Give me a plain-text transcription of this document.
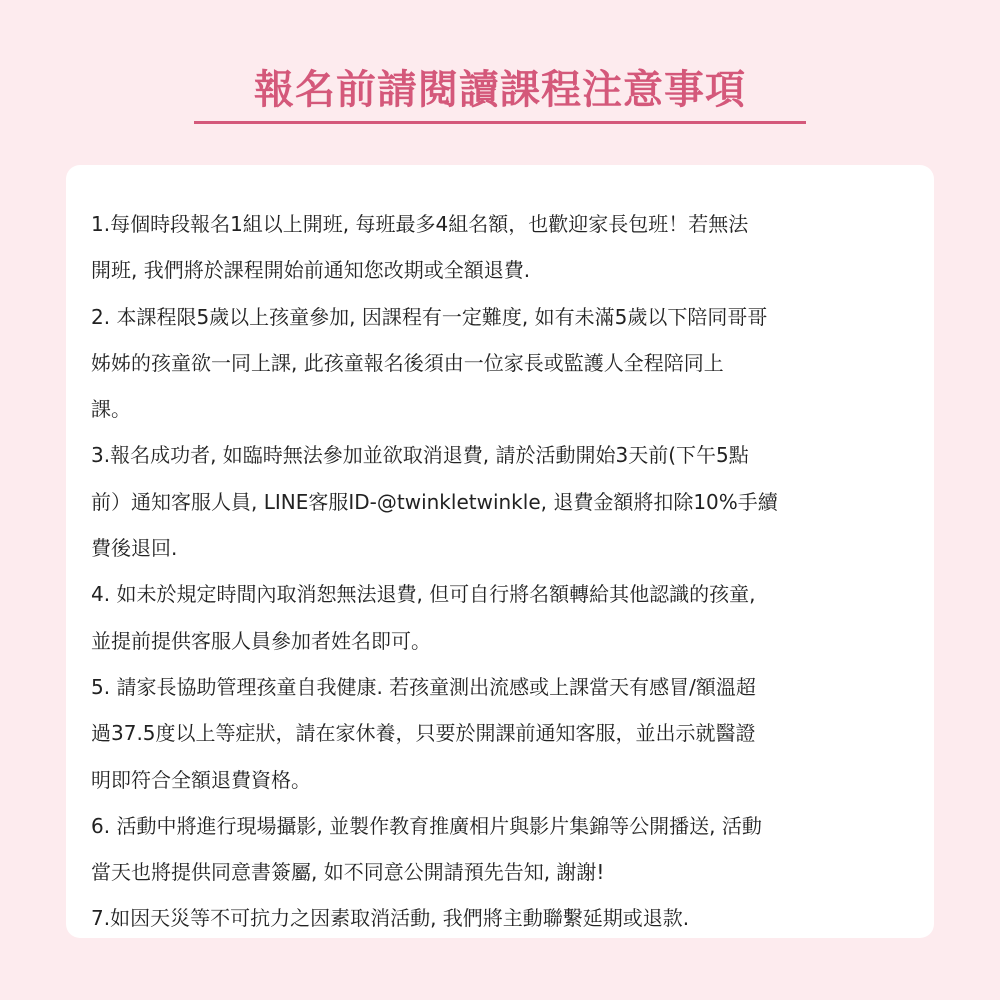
報名前請閱讀課程注意事項
1.每個時段報名1組以上開班, 每班最多4組名額，也歡迎家長包班！若無法
開班, 我們將於課程開始前通知您改期或全額退費.
2. 本課程限5歲以上孩童參加, 因課程有一定難度, 如有未滿5歲以下陪同哥哥
姊姊的孩童欲一同上課, 此孩童報名後須由一位家長或監護人全程陪同上
課。
3.報名成功者, 如臨時無法參加並欲取消退費, 請於活動開始3天前(下午5點
前）通知客服人員, LINE客服ID-@twinkletwinkle, 退費金額將扣除10%手續
費後退回.
4. 如未於規定時間內取消恕無法退費, 但可自行將名額轉給其他認識的孩童,
並提前提供客服人員參加者姓名即可。
5. 請家長協助管理孩童自我健康. 若孩童測出流感或上課當天有感冒/額溫超
過37.5度以上等症狀，請在家休養，只要於開課前通知客服，並出示就醫證
明即符合全額退費資格。
6. 活動中將進行現場攝影, 並製作教育推廣相片與影片集錦等公開播送, 活動
當天也將提供同意書簽屬, 如不同意公開請預先告知, 謝謝!
7.如因天災等不可抗力之因素取消活動, 我們將主動聯繫延期或退款.
